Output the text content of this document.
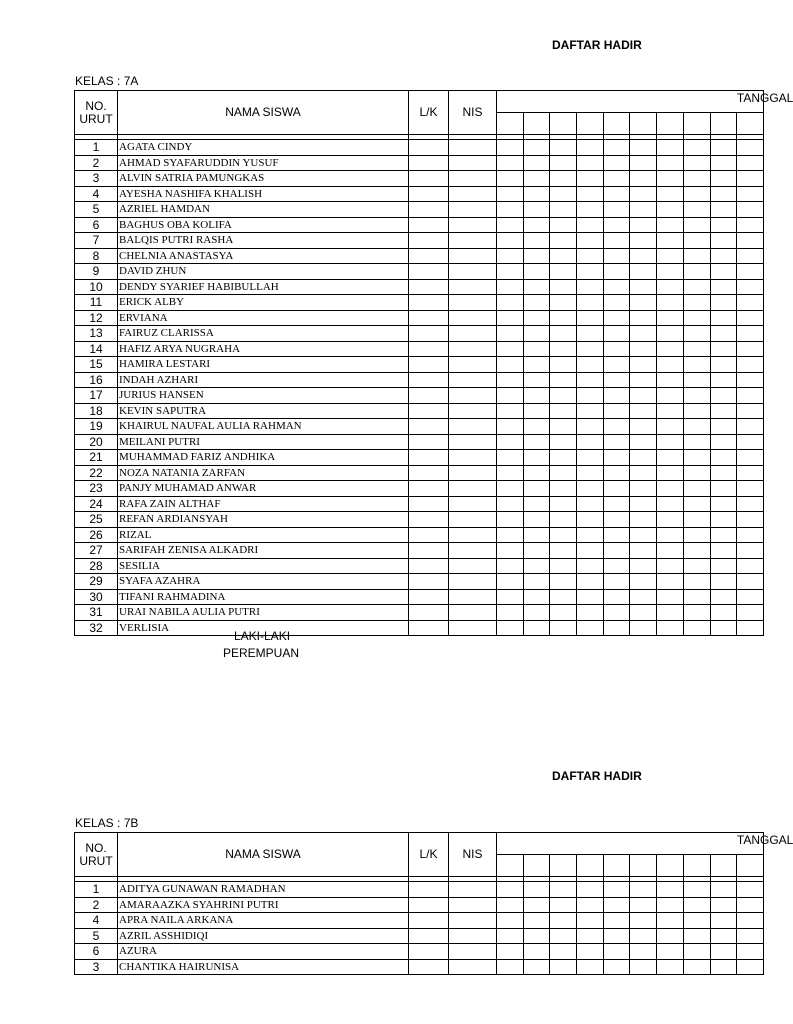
DAFTAR HADIR
KELAS : 7A
NO.
URUT	NAMA SISWA	L/K	NIS	TANGGAL									

1	AGATA CINDY												
2	AHMAD SYAFARUDDIN YUSUF												
3	ALVIN SATRIA PAMUNGKAS												
4	AYESHA NASHIFA KHALISH												
5	AZRIEL HAMDAN												
6	BAGHUS OBA KOLIFA												
7	BALQIS PUTRI RASHA												
8	CHELNIA ANASTASYA												
9	DAVID ZHUN												
10	DENDY SYARIEF HABIBULLAH												
11	ERICK ALBY												
12	ERVIANA												
13	FAIRUZ CLARISSA												
14	HAFIZ ARYA NUGRAHA												
15	HAMIRA LESTARI												
16	INDAH AZHARI												
17	JURIUS HANSEN												
18	KEVIN SAPUTRA												
19	KHAIRUL NAUFAL AULIA RAHMAN												
20	MEILANI PUTRI												
21	MUHAMMAD FARIZ ANDHIKA												
22	NOZA NATANIA ZARFAN												
23	PANJY MUHAMAD ANWAR												
24	RAFA ZAIN ALTHAF												
25	REFAN ARDIANSYAH												
26	RIZAL												
27	SARIFAH ZENISA ALKADRI												
28	SESILIA												
29	SYAFA AZAHRA												
30	TIFANI RAHMADINA												
31	URAI NABILA AULIA PUTRI												
32	VERLISIA												
LAKI-LAKI
PEREMPUAN
DAFTAR HADIR
KELAS : 7B
NO.
URUT	NAMA SISWA	L/K	NIS	TANGGAL									

1	ADITYA GUNAWAN RAMADHAN												
2	AMARAAZKA SYAHRINI PUTRI												
4	APRA NAILA ARKANA												
5	AZRIL ASSHIDIQI												
6	AZURA												
3	CHANTIKA HAIRUNISA												
